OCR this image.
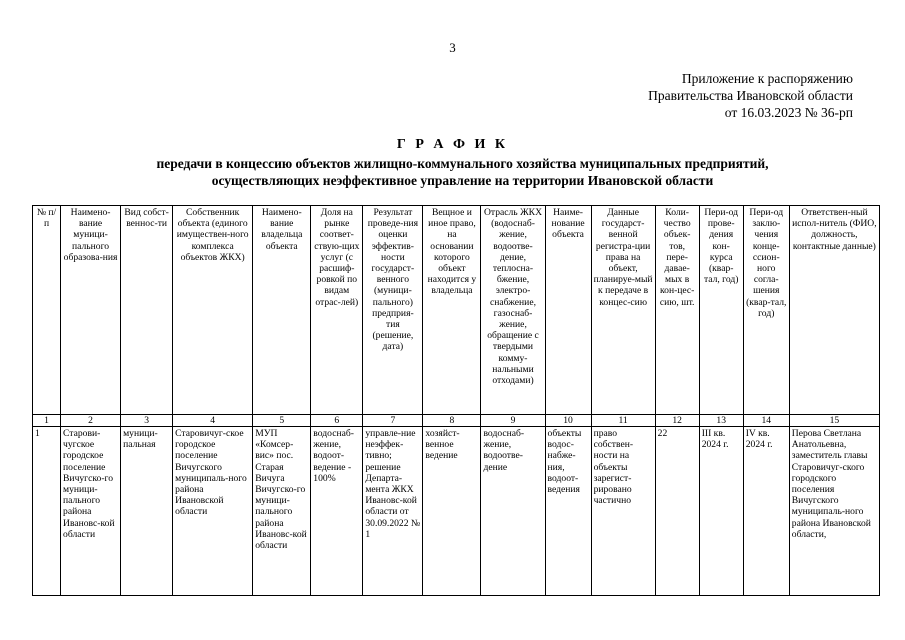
3
Приложение к распоряжению
Правительства Ивановской области
от 16.03.2023 № 36-рп
Г Р А Ф И К
передачи в концессию объектов жилищно-коммунального хозяйства муниципальных предприятий,
осуществляющих неэффективное управление на территории Ивановской области
№ п/п	Наимено-вание муници-пального образова-ния	Вид собст-веннос-ти	Собственник объекта (единого имуществен-ного комплекса объектов ЖКХ)	Наимено-вание владельца объекта	Доля на рынке соответ-ствую-щих услуг (с расшиф-ровкой по видам отрас-лей)	Результат проведе-ния оценки эффектив-ности государст-венного (муници-пального) предприя-тия (решение, дата)	Вещное и иное право, на основании которого объект находится у владельца	Отрасль ЖКХ (водоснаб-жение, водоотве-дение, теплосна-бжение, электро-снабжение, газоснаб-жение, обращение с твердыми комму-нальными отходами)	Наиме-нование объекта	Данные государст-венной регистра-ции права на объект, планируе-мый к передаче в концес-сию	Коли-чество объек-тов, пере-давае-мых в кон-цес-сию, шт.	Пери-од прове-дения кон-курса (квар-тал, год)	Пери-од заклю-чения конце-ссион-ного согла-шения (квар-тал, год)	Ответствен-ный испол-нитель (ФИО, должность, контактные данные)
1	2	3	4	5	6	7	8	9	10	11	12	13	14	15
1	Старови-чугское городское поселение Вичугско-го муници-пального района Ивановс-кой области	муници-пальная	Старовичуг-ское городское поселение Вичугского муниципаль-ного района Ивановской области	МУП «Комсер-вис» пос. Старая Вичуга Вичугско-го муници-пального района Ивановс-кой области	водоснаб-жение, водоот-ведение - 100%	управле-ние неэффек-тивно; решение Департа-мента ЖКХ Ивановс-кой области от 30.09.2022 № 1	хозяйст-венное ведение	водоснаб-жение, водоотве-дение	объекты водос-набже-ния, водоот-ведения	право собствен-ности на объекты зарегист-рировано частично	22	III кв. 2024 г.	IV кв. 2024 г.	Перова Светлана Анатольевна, заместитель главы Старовичуг-ского городского поселения Вичугского муниципаль-ного района Ивановской области,
